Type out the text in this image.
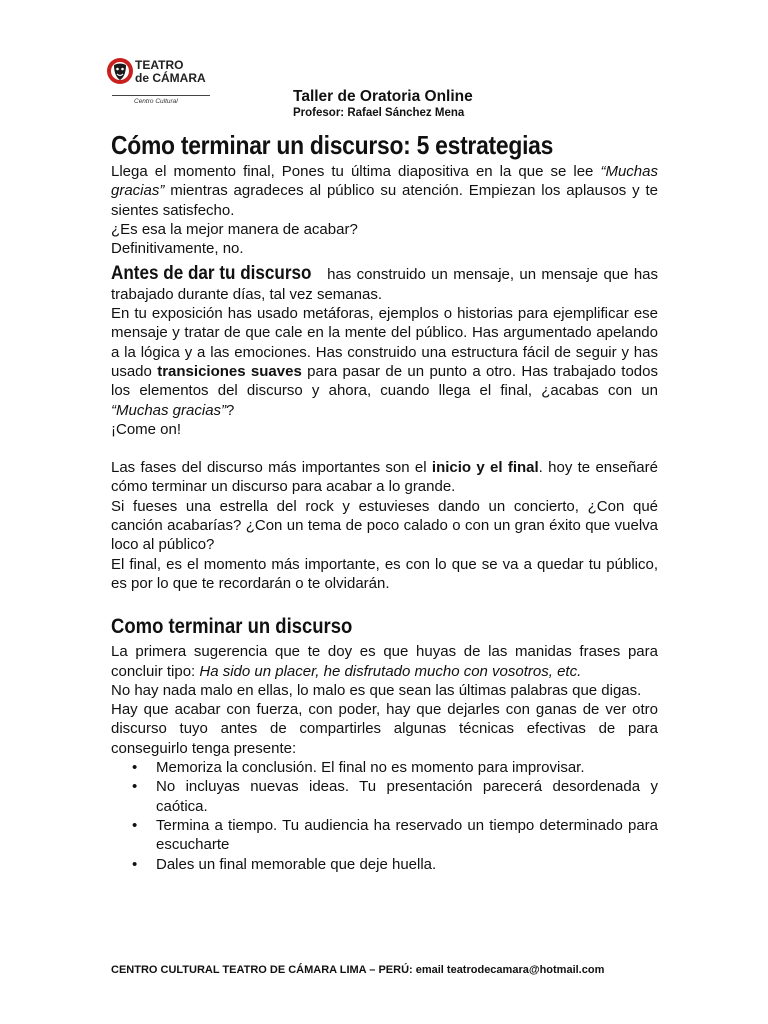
TEATRO
de CÁMARA
Centro Cultural	Taller de Oratoria Online
Profesor: Rafael Sánchez Mena
Cómo terminar un discurso: 5 estrategias

Llega el momento final, Pones tu última diapositiva en la que se lee “Muchas gracias” mientras agradeces al público su atención. Empiezan los aplausos y te sientes satisfecho.

¿Es esa la mejor manera de acabar?

Definitivamente, no.

Antes de dar tu discurso has construido un mensaje, un mensaje que has trabajado durante días, tal vez semanas.

En tu exposición has usado metáforas, ejemplos o historias para ejemplificar ese mensaje y tratar de que cale en la mente del público. Has argumentado apelando a la lógica y a las emociones. Has construido una estructura fácil de seguir y has usado transiciones suaves para pasar de un punto a otro. Has trabajado todos los elementos del discurso y ahora, cuando llega el final, ¿acabas con un “Muchas gracias”?

¡Come on!

Las fases del discurso más importantes son el inicio y el final. hoy te enseñaré cómo terminar un discurso para acabar a lo grande.

Si fueses una estrella del rock y estuvieses dando un concierto, ¿Con qué canción acabarías? ¿Con un tema de poco calado o con un gran éxito que vuelva loco al público?

El final, es el momento más importante, es con lo que se va a quedar tu público, es por lo que te recordarán o te olvidarán.

Como terminar un discurso

La primera sugerencia que te doy es que huyas de las manidas frases para concluir tipo: Ha sido un placer, he disfrutado mucho con vosotros, etc.

No hay nada malo en ellas, lo malo es que sean las últimas palabras que digas.

Hay que acabar con fuerza, con poder, hay que dejarles con ganas de ver otro discurso tuyo antes de compartirles algunas técnicas efectivas de para conseguirlo tenga presente:

• Memoriza la conclusión. El final no es momento para improvisar.
• No incluyas nuevas ideas. Tu presentación parecerá desordenada y caótica.
• Termina a tiempo. Tu audiencia ha reservado un tiempo determinado para escucharte
• Dales un final memorable que deje huella.
CENTRO CULTURAL TEATRO DE CÁMARA LIMA – PERÚ: email teatrodecamara@hotmail.com
